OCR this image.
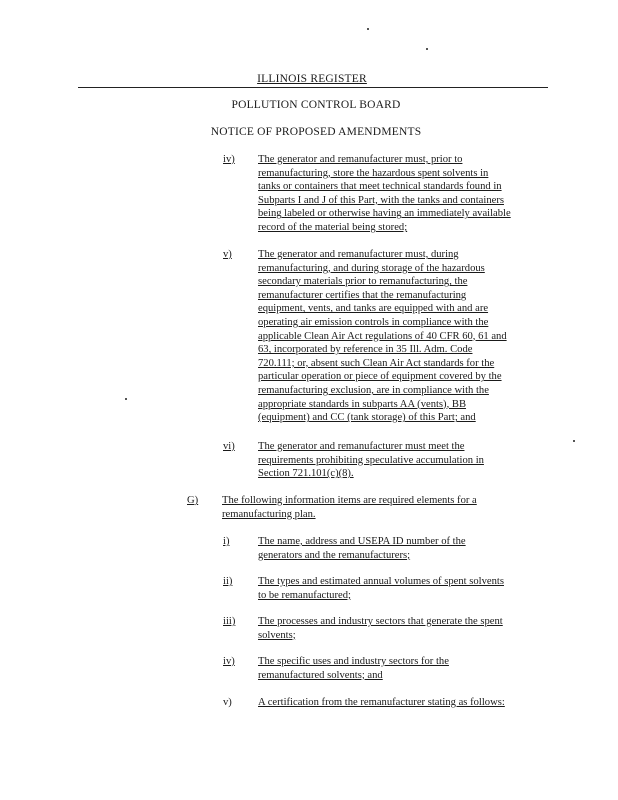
ILLINOIS REGISTER
POLLUTION CONTROL BOARD
NOTICE OF PROPOSED AMENDMENTS
iv) The generator and remanufacturer must, prior to
remanufacturing, store the hazardous spent solvents in
tanks or containers that meet technical standards found in
Subparts I and J of this Part, with the tanks and containers
being labeled or otherwise having an immediately available
record of the material being stored;
v) The generator and remanufacturer must, during
remanufacturing, and during storage of the hazardous
secondary materials prior to remanufacturing, the
remanufacturer certifies that the remanufacturing
equipment, vents, and tanks are equipped with and are
operating air emission controls in compliance with the
applicable Clean Air Act regulations of 40 CFR 60, 61 and
63, incorporated by reference in 35 Ill. Adm. Code
720.111; or, absent such Clean Air Act standards for the
particular operation or piece of equipment covered by the
remanufacturing exclusion, are in compliance with the
appropriate standards in subparts AA (vents), BB
(equipment) and CC (tank storage) of this Part; and
vi) The generator and remanufacturer must meet the
requirements prohibiting speculative accumulation in
Section 721.101(c)(8).
G) The following information items are required elements for a
remanufacturing plan.
i)	The name, address and USEPA ID number of the
generators and the remanufacturers;
ii) The types and estimated annual volumes of spent solvents
to be remanufactured;
iii) The processes and industry sectors that generate the spent
solvents;
iv) The specific uses and industry sectors for the
remanufactured solvents; and
v) A certification from the remanufacturer stating as follows:
